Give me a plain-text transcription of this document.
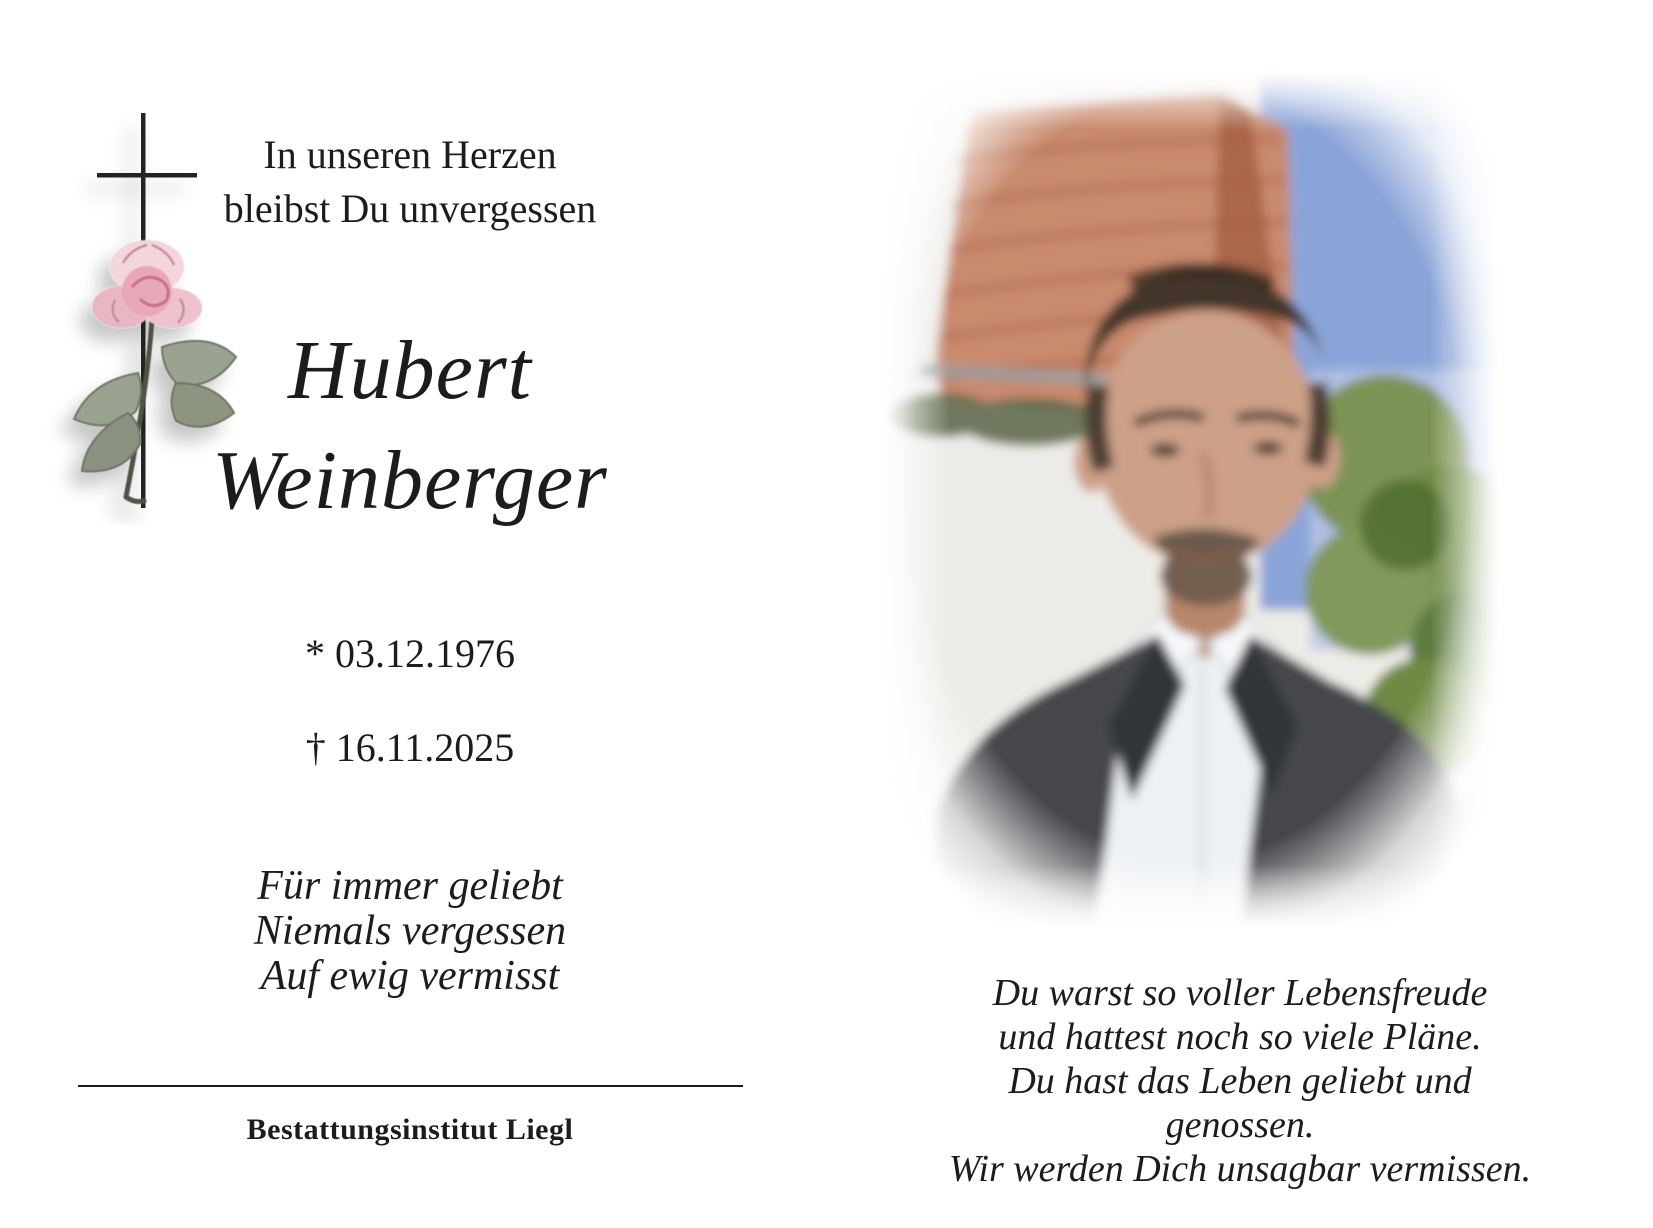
In unseren Herzen
bleibst Du unvergessen
Hubert
Weinberger
* 03.12.1976
† 16.11.2025
Für immer geliebt
Niemals vergessen
Auf ewig vermisst
Bestattungsinstitut Liegl
Du warst so voller Lebensfreude
und hattest noch so viele Pläne.
Du hast das Leben geliebt und genossen.
Wir werden Dich unsagbar vermissen.
